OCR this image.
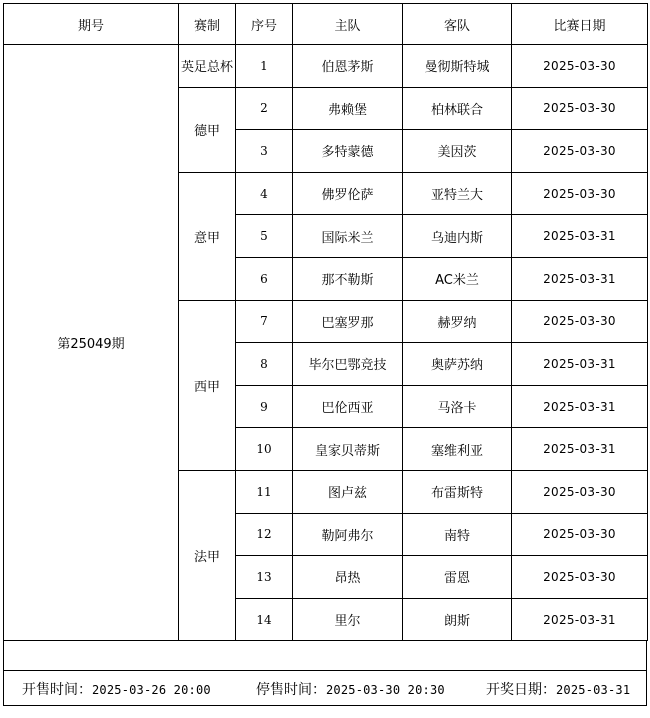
期号	赛制	序号	主队	客队	比赛日期
第25049期	英足总杯	1	伯恩茅斯	曼彻斯特城	2025-03-30
	德甲	2	弗赖堡	柏林联合	2025-03-30
		3	多特蒙德	美因茨	2025-03-30
	意甲	4	佛罗伦萨	亚特兰大	2025-03-30
		5	国际米兰	乌迪内斯	2025-03-31
		6	那不勒斯	AC米兰	2025-03-31
	西甲	7	巴塞罗那	赫罗纳	2025-03-30
		8	毕尔巴鄂竞技	奥萨苏纳	2025-03-31
		9	巴伦西亚	马洛卡	2025-03-31
		10	皇家贝蒂斯	塞维利亚	2025-03-31
	法甲	11	图卢兹	布雷斯特	2025-03-30
		12	勒阿弗尔	南特	2025-03-30
		13	昂热	雷恩	2025-03-30
		14	里尔	朗斯	2025-03-31
开售时间：2025-03-26 20:00	停售时间：2025-03-30 20:30	开奖日期：2025-03-31
